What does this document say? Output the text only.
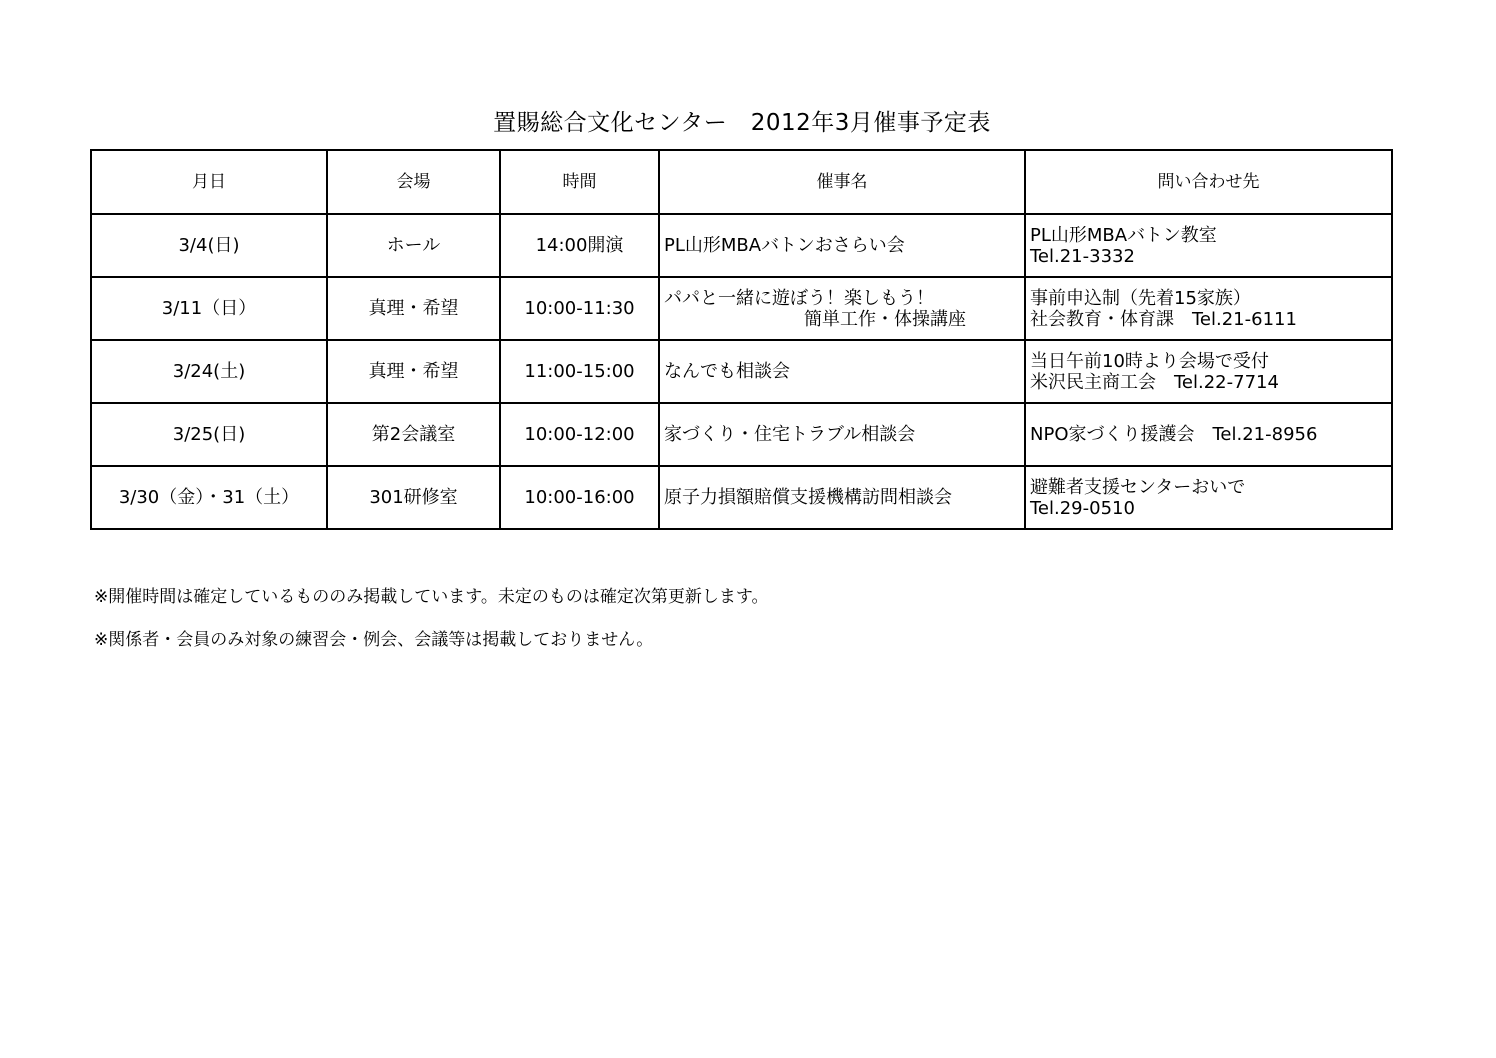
置賜総合文化センター　2012年3月催事予定表
月日	会場	時間	催事名	問い合わせ先
3/4(日)	ホール	14:00開演	PL山形MBAバトンおさらい会	PL山形MBAバトン教室
Tel.21-3332

3/11（日）	真理・希望	10:00-11:30	パパと一緒に遊ぼう！楽しもう！
簡単工作・体操講座	事前申込制（先着15家族）
社会教育・体育課　Tel.21-6111

3/24(土)	真理・希望	11:00-15:00	なんでも相談会	当日午前10時より会場で受付
米沢民主商工会　Tel.22-7714

3/25(日)	第2会議室	10:00-12:00	家づくり・住宅トラブル相談会	NPO家づくり援護会　Tel.21-8956

3/30（金）・31（土）	301研修室	10:00-16:00	原子力損額賠償支援機構訪問相談会	避難者支援センターおいで
Tel.29-0510
※開催時間は確定しているもののみ掲載しています。未定のものは確定次第更新します。
※関係者・会員のみ対象の練習会・例会、会議等は掲載しておりません。
